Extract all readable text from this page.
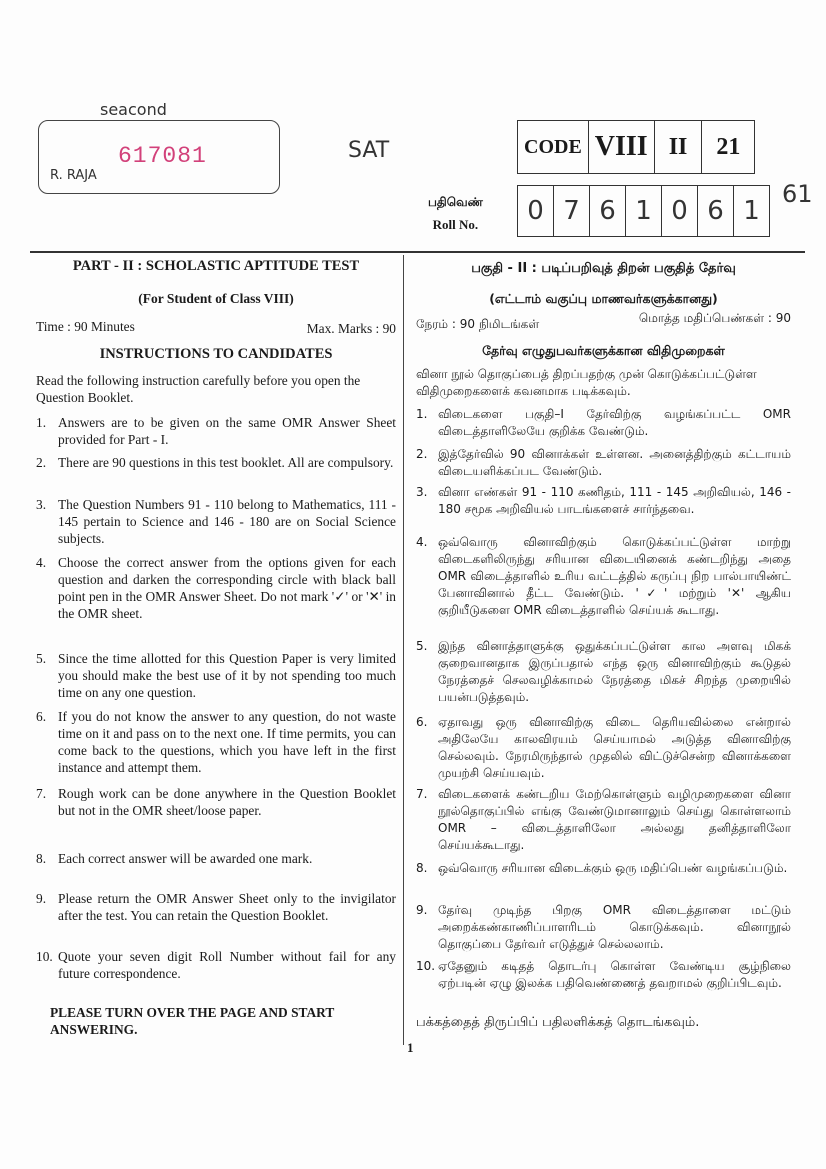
seacond
617081
R. RAJA
SAT	CODE VIII II	21
பதிவெண்
Roll No.	0 7 6 1 0 6 1
61
PART - II : SCHOLASTIC APTITUDE TEST
(For Student of Class VIII)
Time : 90 Minutes	Max. Marks : 90
INSTRUCTIONS TO CANDIDATES
Read the following instruction carefully before you open the Question Booklet.
1. Answers are to be given on the same OMR Answer Sheet provided for Part - I.
2. There are 90 questions in this test booklet. All are compulsory.
3. The Question Numbers 91 - 110 belong to Mathematics, 111 - 145 pertain to Science and 146 - 180 are on Social Science subjects.
4. Choose the correct answer from the options given for each question and darken the corresponding circle with black ball point pen in the OMR Answer Sheet. Do not mark '✓' or '✕' in the OMR sheet.
5. Since the time allotted for this Question Paper is very limited you should make the best use of it by not spending too much time on any one question.
6. If you do not know the answer to any question, do not waste time on it and pass on to the next one. If time permits, you can come back to the questions, which you have left in the first instance and attempt them.
7. Rough work can be done anywhere in the Question Booklet but not in the OMR sheet/loose paper.
8. Each correct answer will be awarded one mark.
9. Please return the OMR Answer Sheet only to the invigilator after the test. You can retain the Question Booklet.
10. Quote your seven digit Roll Number without fail for any future correspondence.
PLEASE TURN OVER THE PAGE AND START ANSWERING.
பகுதி - II : படிப்பறிவுத் திறன் பகுதித் தேர்வு
(எட்டாம் வகுப்பு மாணவர்களுக்கானது)
நேரம் : 90 நிமிடங்கள்	மொத்த மதிப்பெண்கள் : 90
தேர்வு எழுதுபவர்களுக்கான விதிமுறைகள்
வினா நூல் தொகுப்பைத் திறப்பதற்கு முன் கொடுக்கப்பட்டுள்ள விதிமுறைகளைக் கவனமாக படிக்கவும்.
1. விடைகளை பகுதி–I தேர்விற்கு வழங்கப்பட்ட OMR விடைத்தாளிலேயே குறிக்க வேண்டும்.
2. இத்தேர்வில் 90 வினாக்கள் உள்ளன. அனைத்திற்கும் கட்டாயம் விடையளிக்கப்பட வேண்டும்.
3. வினா எண்கள் 91 - 110 கணிதம், 111 - 145 அறிவியல், 146 - 180 சமூக அறிவியல் பாடங்களைச் சார்ந்தவை.
4. ஒவ்வொரு வினாவிற்கும் கொடுக்கப்பட்டுள்ள மாற்று விடைகளிலிருந்து சரியான விடையினைக் கண்டறிந்து அதை OMR விடைத்தாளில் உரிய வட்டத்தில் கருப்பு நிற பால்பாயிண்ட் பேனாவினால் தீட்ட வேண்டும். '✓' மற்றும் '✕' ஆகிய குறியீடுகளை OMR விடைத்தாளில் செய்யக் கூடாது.
5. இந்த வினாத்தாளுக்கு ஒதுக்கப்பட்டுள்ள கால அளவு மிகக் குறைவானதாக இருப்பதால் எந்த ஒரு வினாவிற்கும் கூடுதல் நேரத்தைச் செலவழிக்காமல் நேரத்தை மிகச் சிறந்த முறையில் பயன்படுத்தவும்.
6. ஏதாவது ஒரு வினாவிற்கு விடை தெரியவில்லை என்றால் அதிலேயே காலவிரயம் செய்யாமல் அடுத்த வினாவிற்கு செல்லவும். நேரமிருந்தால் முதலில் விட்டுச்சென்ற வினாக்களை முயற்சி செய்யவும்.
7. விடைகளைக் கண்டறிய மேற்கொள்ளும் வழிமுறைகளை வினா நூல்தொகுப்பில் எங்கு வேண்டுமானாலும் செய்து கொள்ளலாம் OMR – விடைத்தாளிலோ அல்லது தனித்தாளிலோ செய்யக்கூடாது.
8. ஒவ்வொரு சரியான விடைக்கும் ஒரு மதிப்பெண் வழங்கப்படும்.
9. தேர்வு முடிந்த பிறகு OMR விடைத்தாளை மட்டும் அறைக்கண்காணிப்பாளரிடம் கொடுக்கவும். வினாநூல் தொகுப்பை தேர்வர் எடுத்துச் செல்லலாம்.
10. ஏதேனும் கடிதத் தொடர்பு கொள்ள வேண்டிய சூழ்நிலை ஏற்படின் ஏழு இலக்க பதிவெண்ணைத் தவறாமல் குறிப்பிடவும்.
பக்கத்தைத் திருப்பிப் பதிலளிக்கத் தொடங்கவும்.
1
